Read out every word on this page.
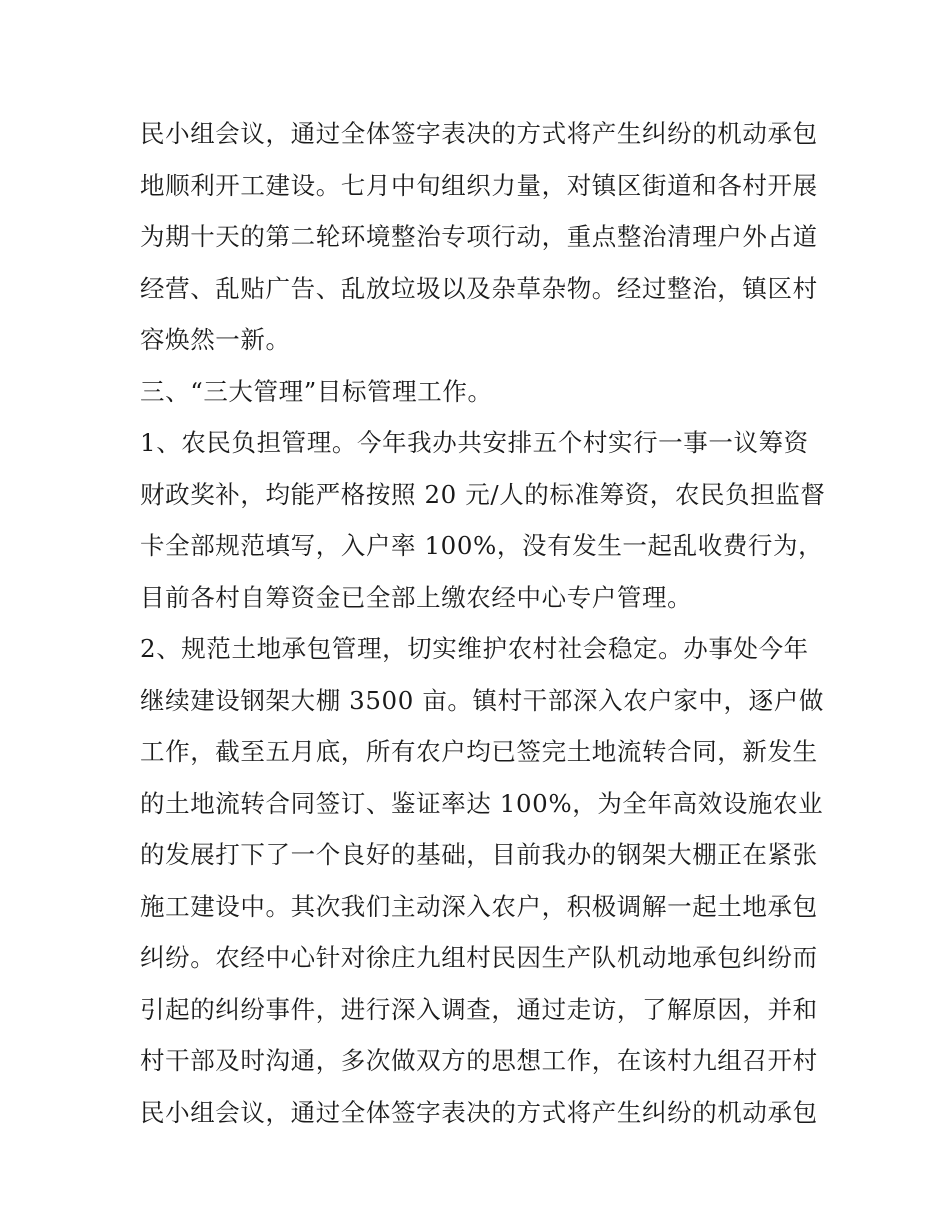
民小组会议，通过全体签字表决的方式将产生纠纷的机动承包
地顺利开工建设。七月中旬组织力量，对镇区街道和各村开展
为期十天的第二轮环境整治专项行动，重点整治清理户外占道
经营、乱贴广告、乱放垃圾以及杂草杂物。经过整治，镇区村
容焕然一新。
三、“三大管理”目标管理工作。
1、农民负担管理。今年我办共安排五个村实行一事一议筹资
财政奖补，均能严格按照 20 元/人的标准筹资，农民负担监督
卡全部规范填写，入户率 100%，没有发生一起乱收费行为，
目前各村自筹资金已全部上缴农经中心专户管理。
2、规范土地承包管理，切实维护农村社会稳定。办事处今年
继续建设钢架大棚 3500 亩。镇村干部深入农户家中，逐户做
工作，截至五月底，所有农户均已签完土地流转合同，新发生
的土地流转合同签订、鉴证率达 100%，为全年高效设施农业
的发展打下了一个良好的基础，目前我办的钢架大棚正在紧张
施工建设中。其次我们主动深入农户，积极调解一起土地承包
纠纷。农经中心针对徐庄九组村民因生产队机动地承包纠纷而
引起的纠纷事件，进行深入调查，通过走访，了解原因，并和
村干部及时沟通，多次做双方的思想工作，在该村九组召开村
民小组会议，通过全体签字表决的方式将产生纠纷的机动承包
